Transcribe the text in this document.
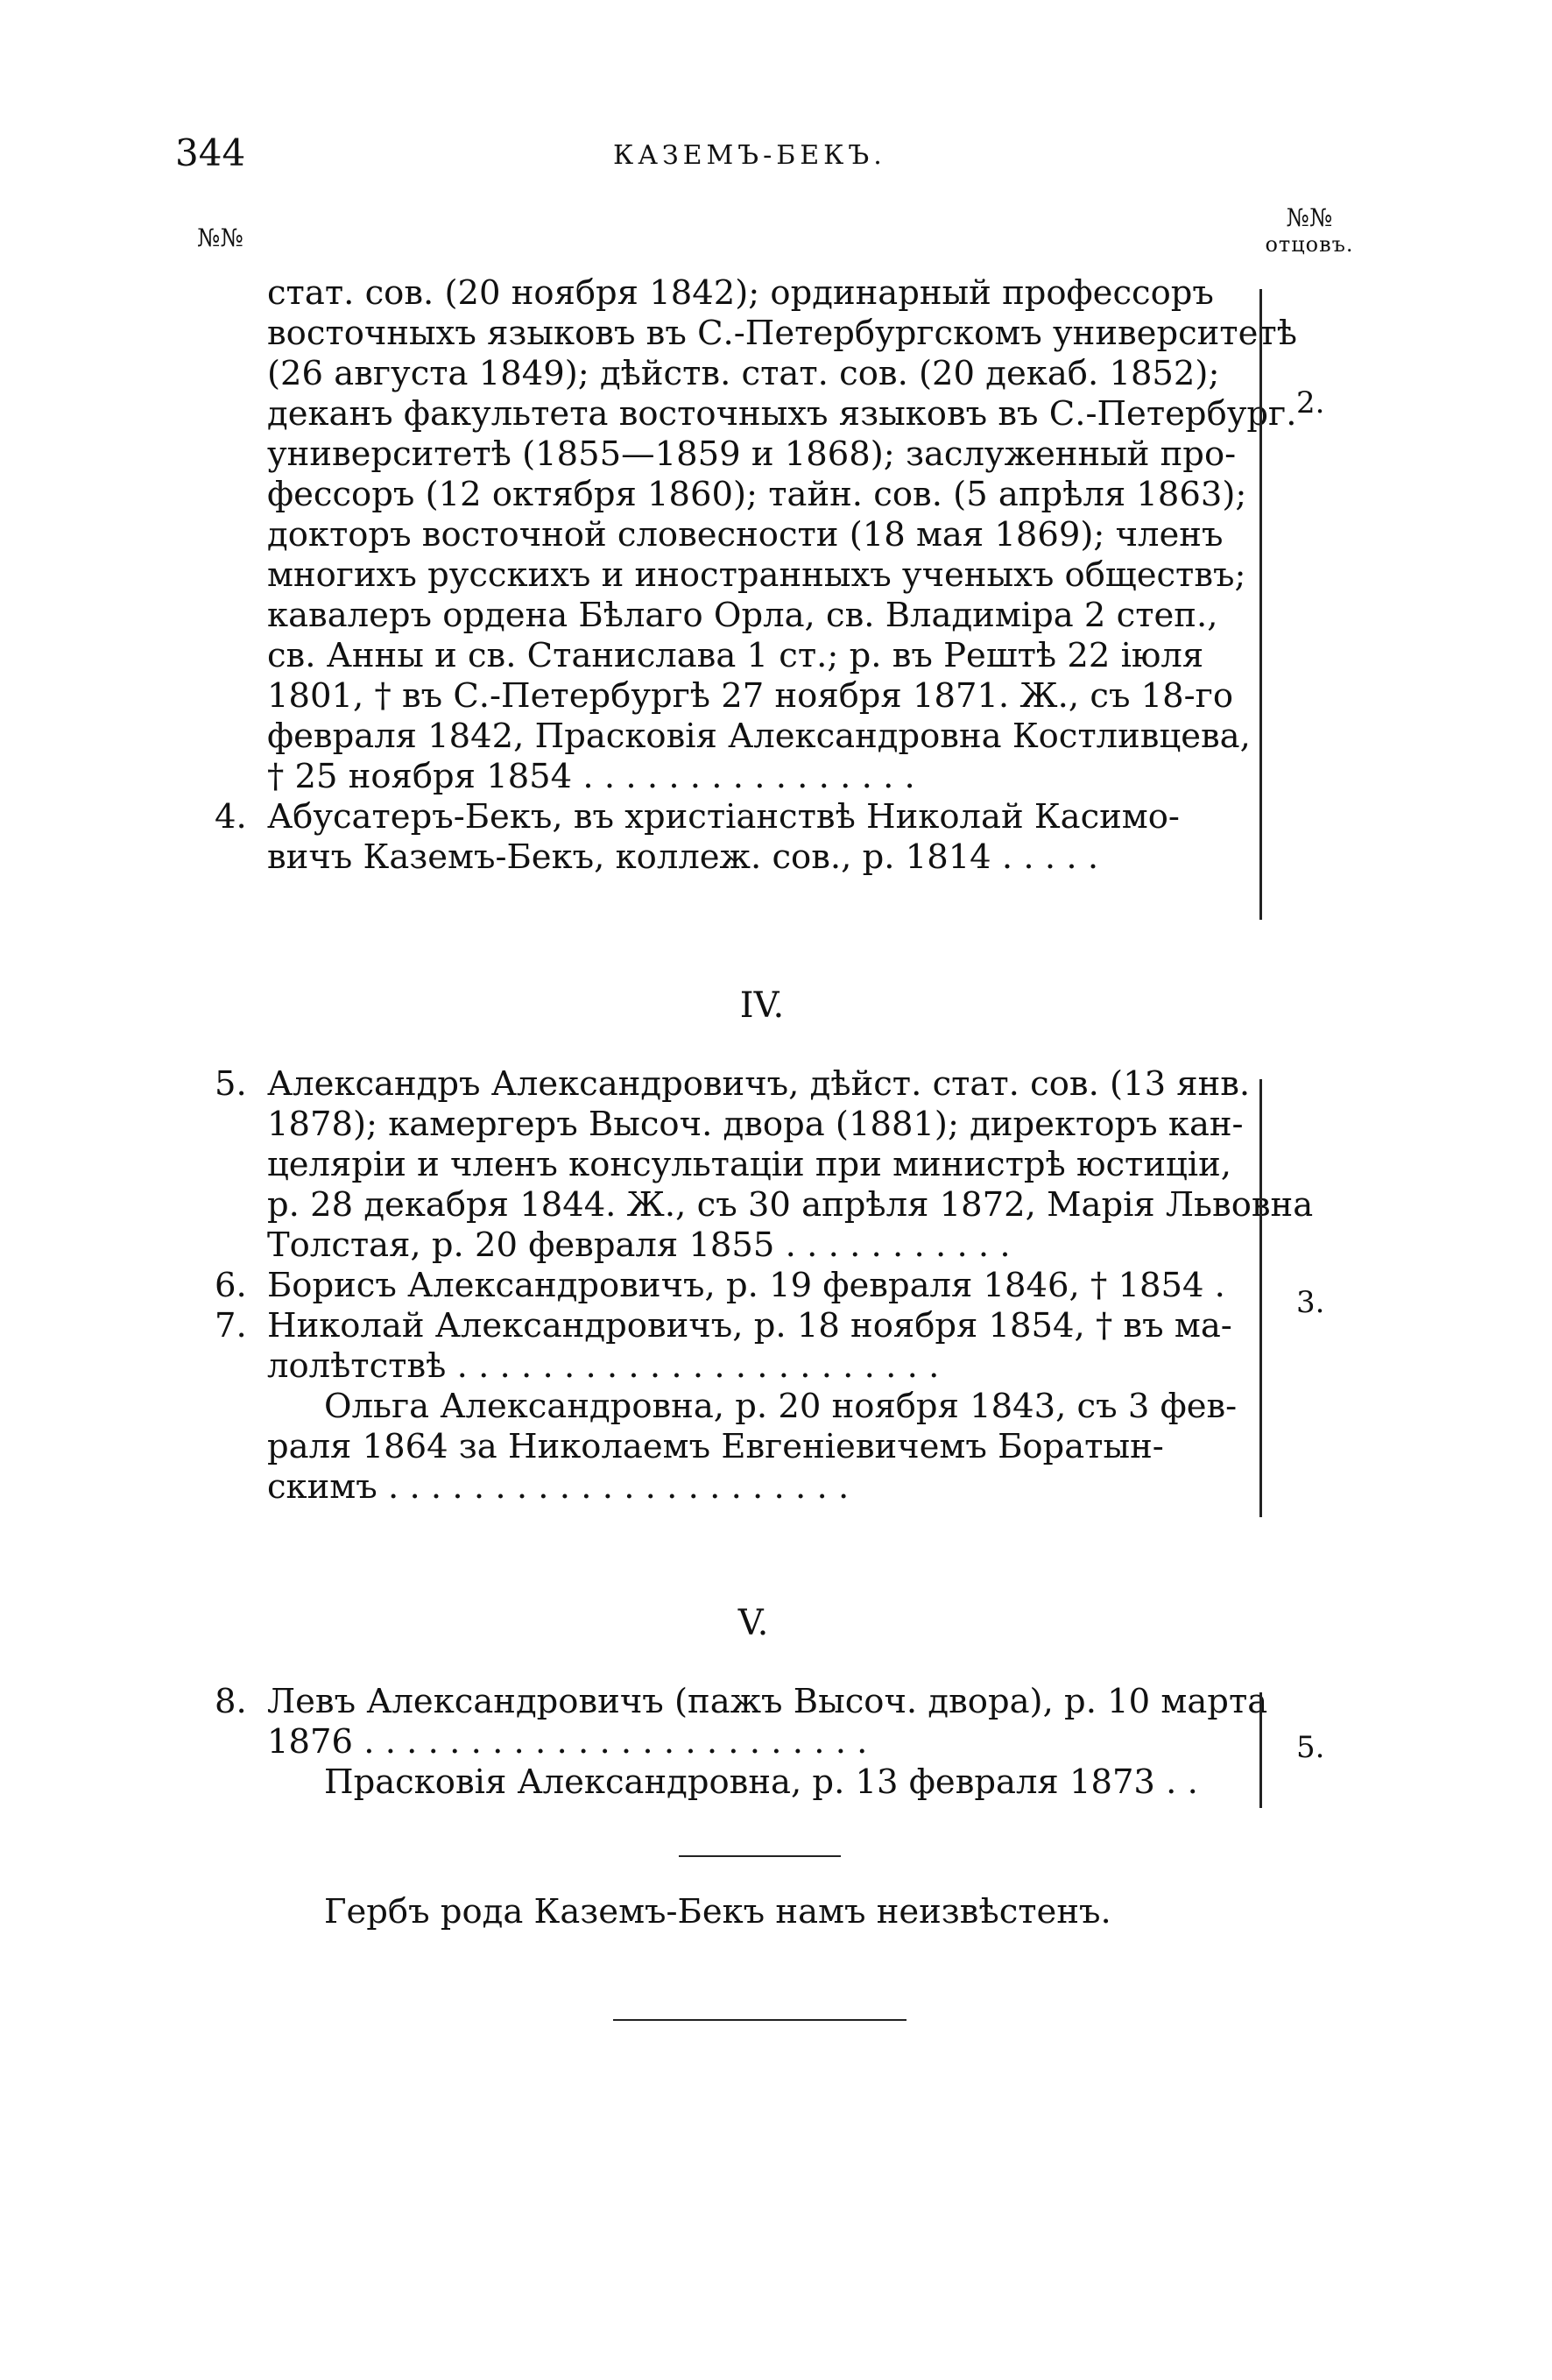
344	КАЗЕМЪ-БЕКЪ.
№№
№№
отцовъ.
стат. сов. (20 ноября 1842); ординарный профессоръ
восточныхъ языковъ въ С.-Петербургскомъ университетѣ
(26 августа 1849); дѣйств. стат. сов. (20 декаб. 1852);
деканъ факультета восточныхъ языковъ въ С.-Петербург.
университетѣ (1855—1859 и 1868); заслуженный про-
фессоръ (12 октября 1860); тайн. сов. (5 апрѣля 1863);
докторъ восточной словесности (18 мая 1869); членъ
многихъ русскихъ и иностранныхъ ученыхъ обществъ;
кавалеръ ордена Бѣлаго Орла, св. Владиміра 2 степ.,
св. Анны и св. Станислава 1 ст.; р. въ Рештѣ 22 іюля
1801, † въ С.-Петербургѣ 27 ноября 1871. Ж., съ 18-го
февраля 1842, Прасковія Александровна Костливцева,
† 25 ноября 1854 . . . . . . . . . . . . . . . .
4. Абусатеръ-Бекъ, въ христіанствѣ Николай Касимо-
вичъ Каземъ-Бекъ, коллеж. сов., р. 1814 . . . . .
2.
IV.
5. Александръ Александровичъ, дѣйст. стат. сов. (13 янв.
1878); камергеръ Высоч. двора (1881); директоръ кан-
целяріи и членъ консультаціи при министрѣ юстиціи,
р. 28 декабря 1844. Ж., съ 30 апрѣля 1872, Марія Львовна
Толстая, р. 20 февраля 1855 . . . . . . . . . . .
6. Борисъ Александровичъ, р. 19 февраля 1846, † 1854 .
7. Николай Александровичъ, р. 18 ноября 1854, † въ ма-
лолѣтствѣ . . . . . . . . . . . . . . . . . . . . . . .
Ольга Александровна, р. 20 ноября 1843, съ 3 фев-
раля 1864 за Николаемъ Евгеніевичемъ Боратын-
скимъ . . . . . . . . . . . . . . . . . . . . . .
3.
V.
8. Левъ Александровичъ (пажъ Высоч. двора), р. 10 марта
1876 . . . . . . . . . . . . . . . . . . . . . . . .
Прасковія Александровна, р. 13 февраля 1873 . .
5.
Гербъ рода Каземъ-Бекъ намъ неизвѣстенъ.
